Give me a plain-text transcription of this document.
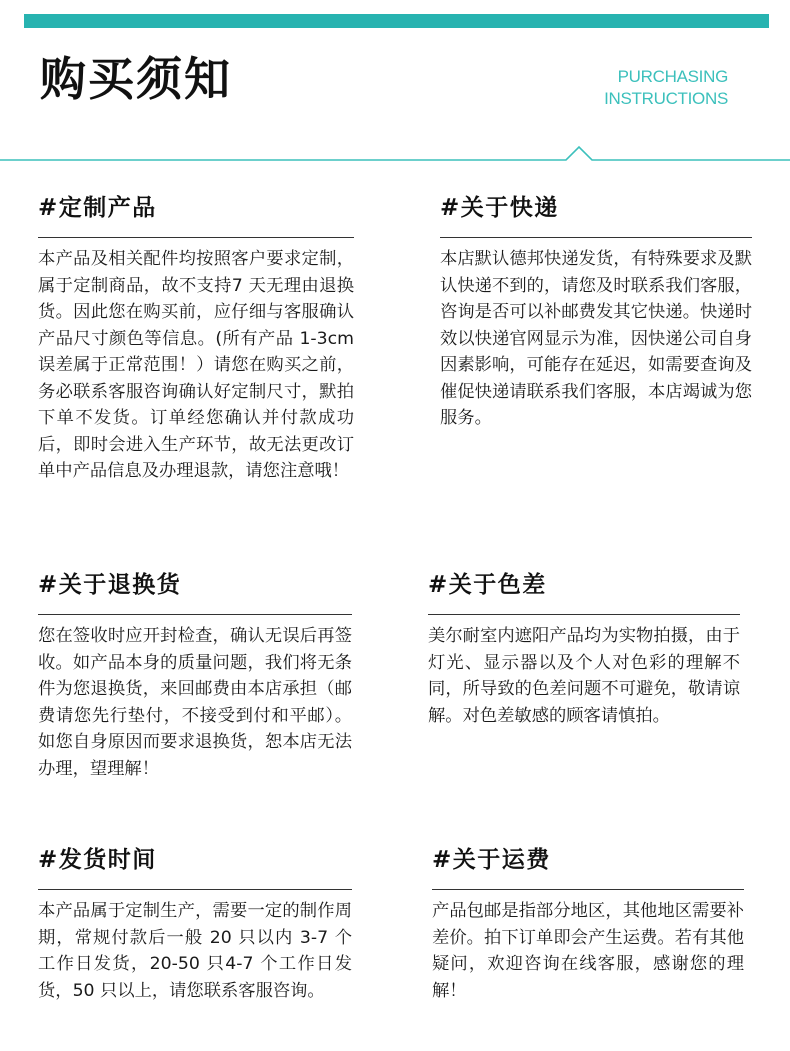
购买须知	PURCHASING
INSTRUCTIONS
#定制产品
本产品及相关配件均按照客户要求定制，属于定制商品，故不支持7 天无理由退换货。因此您在购买前，应仔细与客服确认产品尺寸颜色等信息。(所有产品 1-3cm 误差属于正常范围！）请您在购买之前，务必联系客服咨询确认好定制尺寸，默拍下单不发货。订单经您确认并付款成功后，即时会进入生产环节，故无法更改订单中产品信息及办理退款，请您注意哦！
#关于快递
本店默认德邦快递发货，有特殊要求及默认快递不到的，请您及时联系我们客服，咨询是否可以补邮费发其它快递。快递时效以快递官网显示为准，因快递公司自身因素影响，可能存在延迟，如需要查询及催促快递请联系我们客服，本店竭诚为您服务。
#关于退换货
您在签收时应开封检查，确认无误后再签收。如产品本身的质量问题，我们将无条件为您退换货，来回邮费由本店承担（邮费请您先行垫付，不接受到付和平邮）。如您自身原因而要求退换货，恕本店无法办理，望理解！
#关于色差
美尔耐室内遮阳产品均为实物拍摄，由于灯光、显示器以及个人对色彩的理解不同，所导致的色差问题不可避免，敬请谅解。对色差敏感的顾客请慎拍。
#发货时间
本产品属于定制生产，需要一定的制作周期，常规付款后一般 20 只以内 3-7 个工作日发货，20-50 只4-7 个工作日发货，50 只以上，请您联系客服咨询。
#关于运费
产品包邮是指部分地区，其他地区需要补差价。拍下订单即会产生运费。若有其他疑问，欢迎咨询在线客服，感谢您的理解！
